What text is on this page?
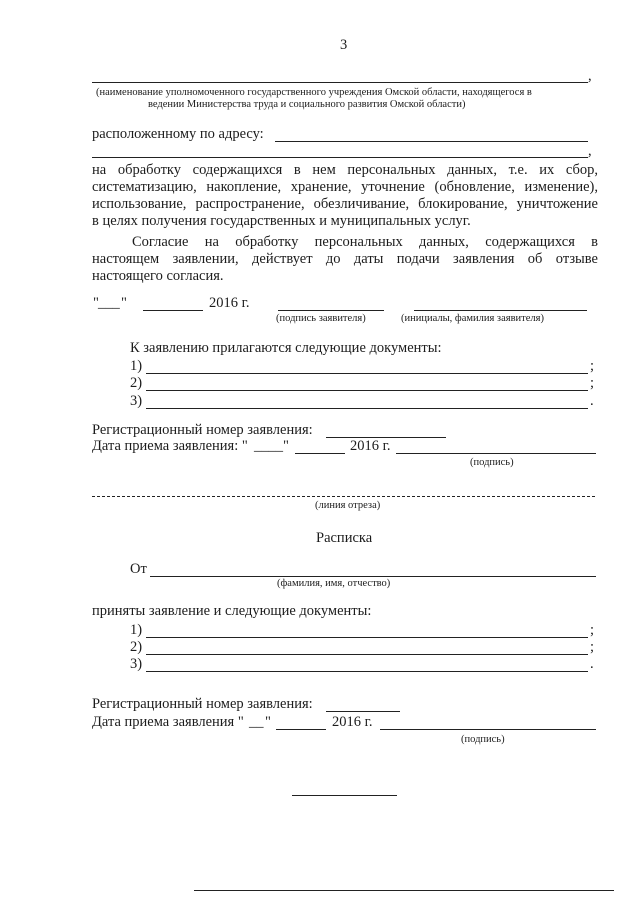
3
,
(наименование уполномоченного государственного учреждения Омской области, находящегося в
ведении Министерства труда и социального развития Омской области)
расположенному по адресу:
,
на обработку содержащихся в нем персональных данных, т.е. их сбор,
систематизацию, накопление, хранение, уточнение (обновление, изменение),
использование, распространение, обезличивание, блокирование, уничтожение
в целях получения государственных и муниципальных услуг.
Согласие на обработку персональных данных, содержащихся в
настоящем заявлении, действует до даты подачи заявления об отзыве
настоящего согласия.
" ___ "	2016 г.
(подпись заявителя)	(инициалы, фамилия заявителя)
К заявлению прилагаются следующие документы:
1)	;
2)	;
3)	.
Регистрационный номер заявления:
Дата приема заявления: " ____ "	2016 г.
(подпись)
(линия отреза)
Расписка
От
(фамилия, имя, отчество)
приняты заявление и следующие документы:
1)	;
2)	;
3)	.
Регистрационный номер заявления:
Дата приема заявления " __ "	2016 г.
(подпись)
